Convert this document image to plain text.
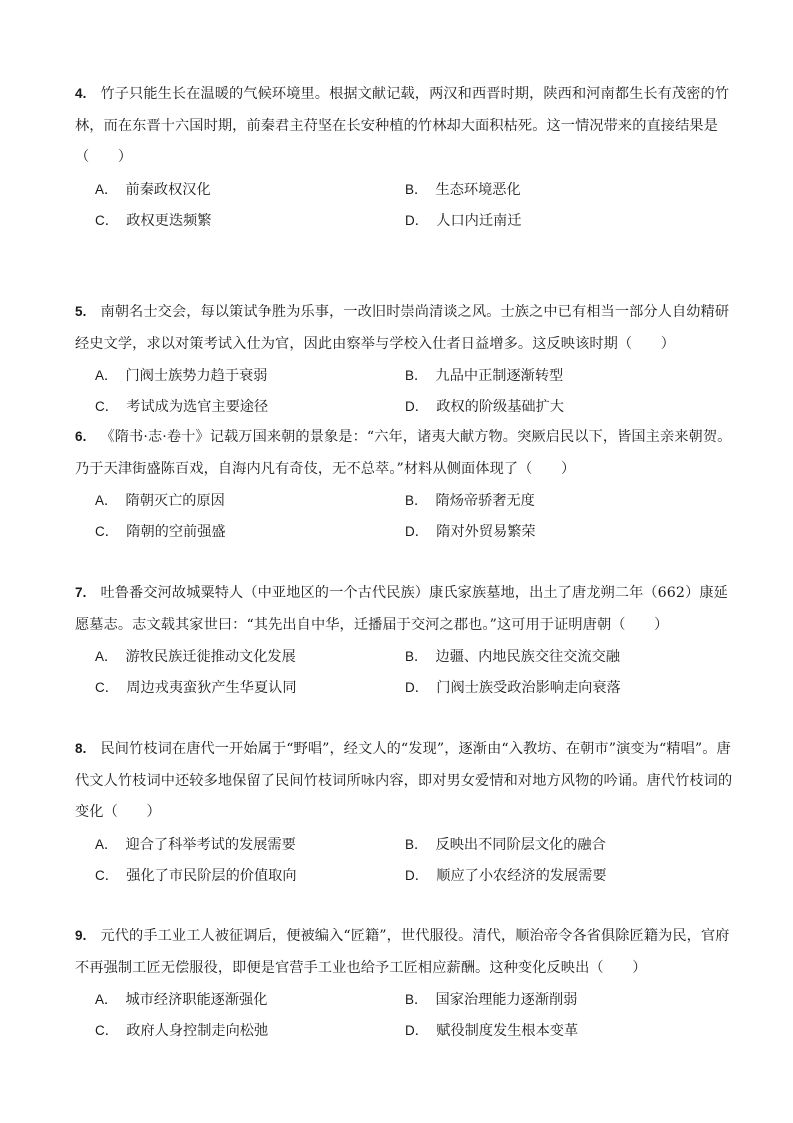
4. 竹子只能生长在温暖的气候环境里。根据文献记载，两汉和西晋时期，陕西和河南都生长有茂密的竹林，而在东晋十六国时期，前秦君主苻坚在长安种植的竹林却大面积枯死。这一情况带来的直接结果是（　　）
A． 前秦政权汉化	B． 生态环境恶化
C． 政权更迭频繁	D． 人口内迁南迁
5. 南朝名士交会，每以策试争胜为乐事，一改旧时崇尚清谈之风。士族之中已有相当一部分人自幼精研经史文学，求以对策考试入仕为官，因此由察举与学校入仕者日益增多。这反映该时期（　　）
A． 门阀士族势力趋于衰弱	B． 九品中正制逐渐转型
C． 考试成为选官主要途径	D． 政权的阶级基础扩大
6. 《隋书·志·卷十》记载万国来朝的景象是：“六年，诸夷大献方物。突厥启民以下，皆国主亲来朝贺。乃于天津街盛陈百戏，自海内凡有奇伎，无不总萃。”材料从侧面体现了（　　）
A． 隋朝灭亡的原因	B． 隋炀帝骄奢无度
C． 隋朝的空前强盛	D． 隋对外贸易繁荣
7. 吐鲁番交河故城粟特人（中亚地区的一个古代民族）康氏家族墓地，出土了唐龙朔二年（662）康延愿墓志。志文载其家世曰：“其先出自中华，迁播届于交河之郡也。”这可用于证明唐朝（　　）
A． 游牧民族迁徙推动文化发展	B． 边疆、内地民族交往交流交融
C． 周边戎夷蛮狄产生华夏认同	D． 门阀士族受政治影响走向衰落
8. 民间竹枝词在唐代一开始属于“野唱”，经文人的“发现”，逐渐由“入教坊、在朝市”演变为“精唱”。唐代文人竹枝词中还较多地保留了民间竹枝词所咏内容，即对男女爱情和对地方风物的吟诵。唐代竹枝词的变化（　　）
A． 迎合了科举考试的发展需要	B． 反映出不同阶层文化的融合
C． 强化了市民阶层的价值取向	D． 顺应了小农经济的发展需要
9. 元代的手工业工人被征调后，便被编入“匠籍”，世代服役。清代，顺治帝令各省俱除匠籍为民，官府不再强制工匠无偿服役，即便是官营手工业也给予工匠相应薪酬。这种变化反映出（　　）
A． 城市经济职能逐渐强化	B． 国家治理能力逐渐削弱
C． 政府人身控制走向松弛	D． 赋役制度发生根本变革
